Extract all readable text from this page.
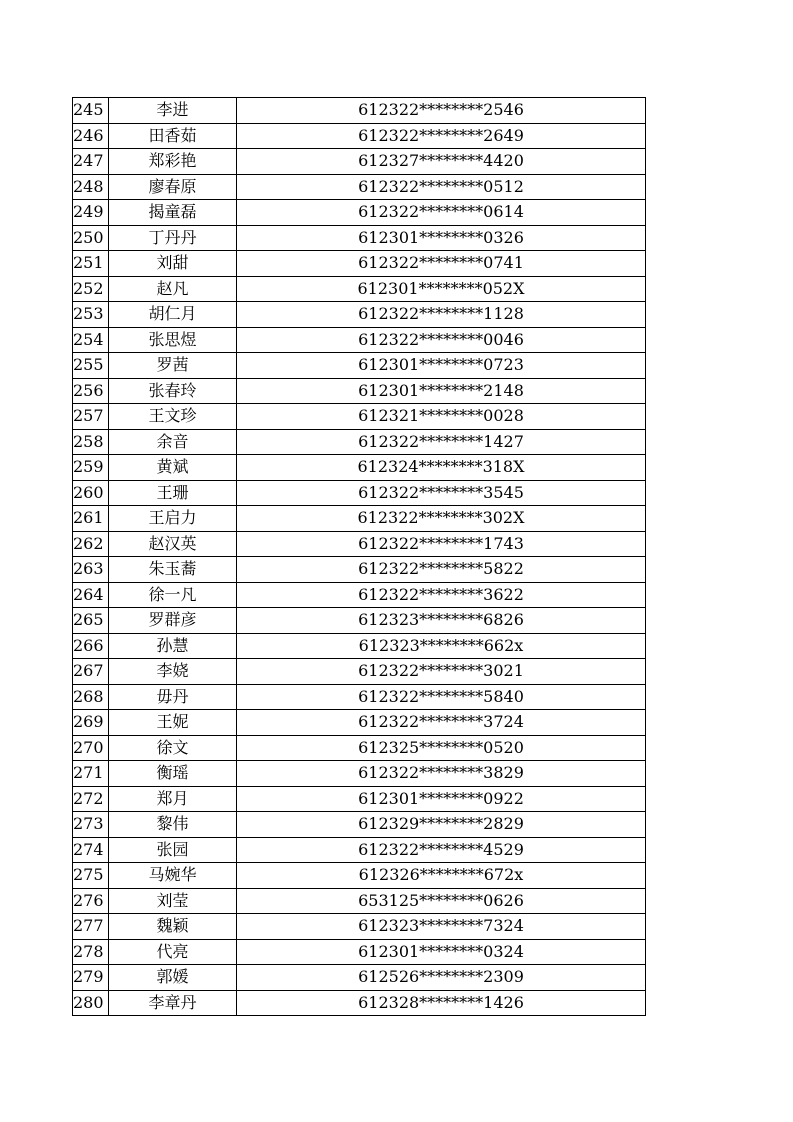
245	李进	612322********2546
246	田香茹	612322********2649
247	郑彩艳	612327********4420
248	廖春原	612322********0512
249	揭童磊	612322********0614
250	丁丹丹	612301********0326
251	刘甜	612322********0741
252	赵凡	612301********052X
253	胡仁月	612322********1128
254	张思煜	612322********0046
255	罗茜	612301********0723
256	张春玲	612301********2148
257	王文珍	612321********0028
258	余音	612322********1427
259	黄斌	612324********318X
260	王珊	612322********3545
261	王启力	612322********302X
262	赵汉英	612322********1743
263	朱玉蕎	612322********5822
264	徐一凡	612322********3622
265	罗群彦	612323********6826
266	孙慧	612323********662x
267	李娆	612322********3021
268	毋丹	612322********5840
269	王妮	612322********3724
270	徐文	612325********0520
271	衡瑶	612322********3829
272	郑月	612301********0922
273	黎伟	612329********2829
274	张园	612322********4529
275	马婉华	612326********672x
276	刘莹	653125********0626
277	魏颖	612323********7324
278	代亮	612301********0324
279	郭媛	612526********2309
280	李章丹	612328********1426
